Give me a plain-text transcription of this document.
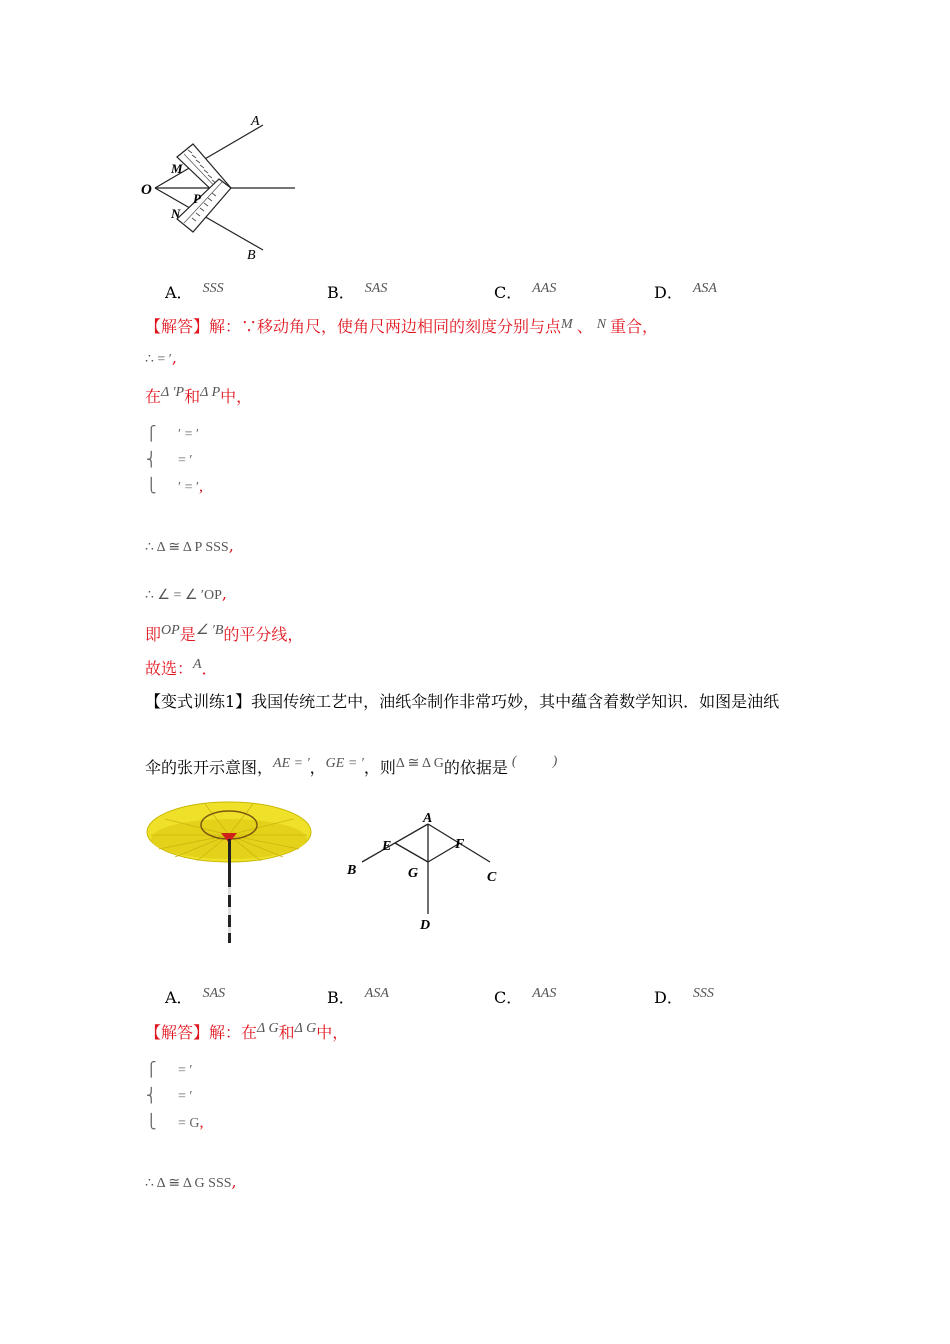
A
B
O
M
N
P
A． SSS	B． SAS	C． AAS	D． ASA
【解答】解：∵移动角尺，使角尺两边相同的刻度分别与点M 、 N 重合，
∴ = ′,
在Δ ′P和Δ P中，
⎧
⎨
⎩
′ = ′
= ′
′ = ′,
∴ Δ ≅ Δ P SSS,
∴ ∠ = ∠ ′OP,
即OP是∠ ′B的平分线，
故选：A．
【变式训练1】我国传统工艺中，油纸伞制作非常巧妙，其中蕴含着数学知识．如图是油纸
伞的张开示意图，AE = ′，GE = ′，则Δ ≅ Δ G的依据是 (	)
A
B	C
D
E	F
G
A． SAS	B． ASA	C． AAS	D． SSS
【解答】解：在Δ G和Δ G中，
⎧
⎨
⎩
= ′
= ′
= G,
∴ Δ ≅ Δ G SSS,
